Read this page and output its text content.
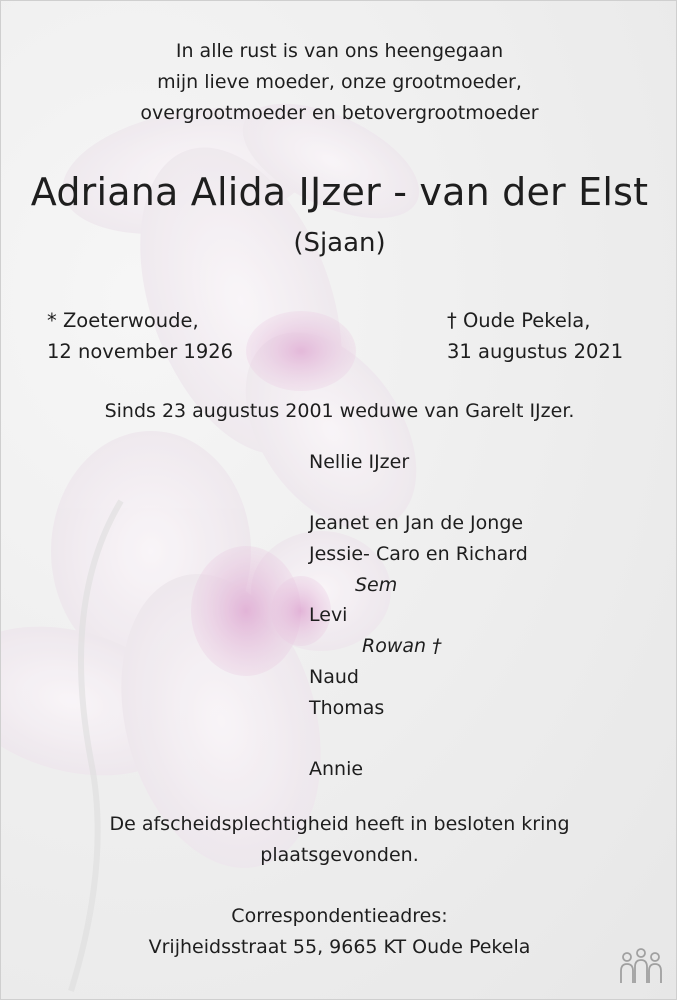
In alle rust is van ons heengegaan
mijn lieve moeder, onze grootmoeder,
overgrootmoeder en betovergrootmoeder
Adriana Alida IJzer - van der Elst
(Sjaan)
* Zoeterwoude,
12 november 1926
† Oude Pekela,
31 augustus 2021
Sinds 23 augustus 2001 weduwe van Garelt IJzer.
Nellie IJzer
Jeanet en Jan de Jonge
Jessie- Caro en Richard
Sem
Levi
Rowan †
Naud
Thomas
Annie
De afscheidsplechtigheid heeft in besloten kring
plaatsgevonden.
Correspondentieadres:
Vrijheidsstraat 55, 9665 KT Oude Pekela
